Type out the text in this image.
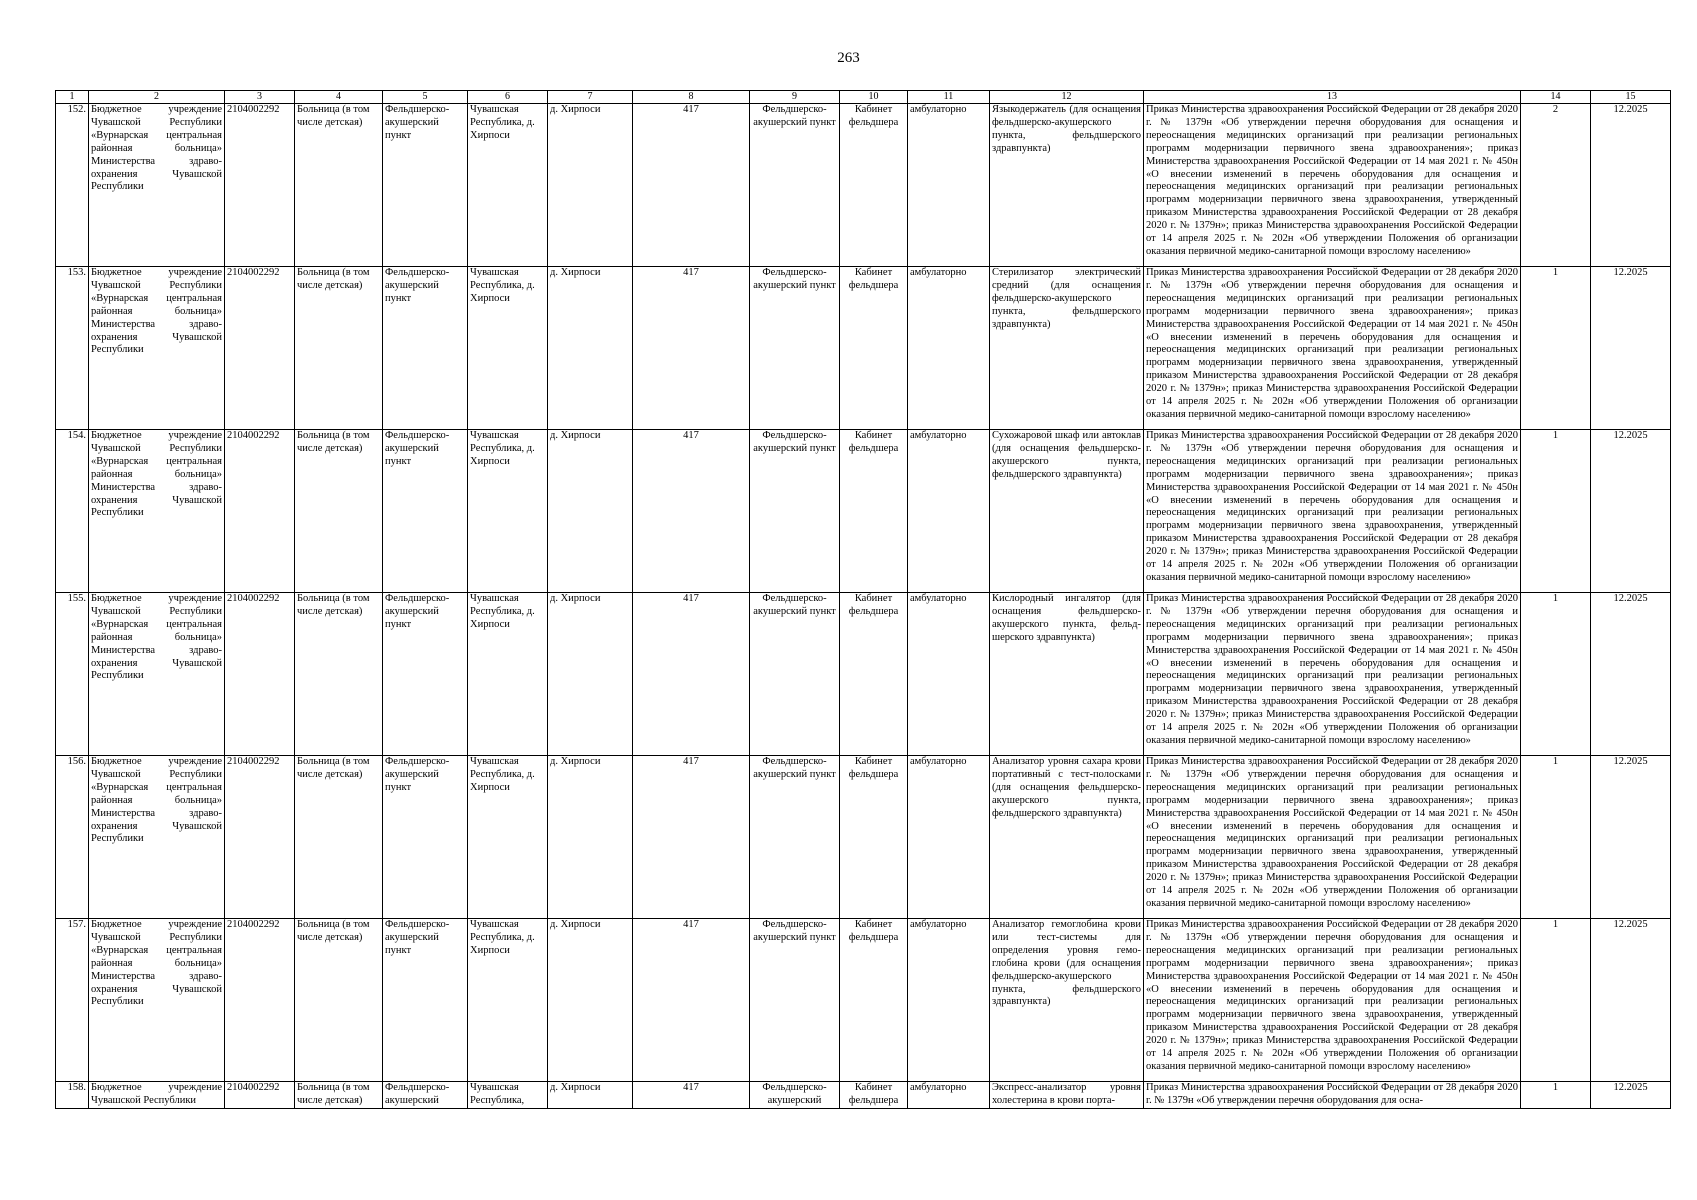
263
1	2	3	4	5	6	7	8	9	10	11	12	13	14	15
152.	Бюджетное учреждение Чувашской Республики «Вурнарская центральная районная больница» Министерства здравоохранения Чувашской Республики	2104002292	Больница (в том числе детская)	Фельдшерско-акушерский пункт	Чувашская Республика, д. Хирпоси	д. Хирпоси	417	Фельдшерско-акушерский пункт	Кабинет фельдшера	амбулаторно	Языкодержатель (для оснащения фельдшерско-акушерского пункта, фельдшерского здравпункта)	Приказ Министерства здравоохранения Российской Федерации от 28 декабря 2020 г. № 1379н «Об утверждении перечня оборудования для оснащения и переоснащения медицинских организаций при реализации региональных программ модернизации первичного звена здравоохранения»; приказ Министерства здравоохранения Российской Федерации от 14 мая 2021 г. № 450н «О внесении изменений в перечень оборудования для оснащения и переоснащения медицинских организаций при реализации региональных программ модернизации первичного звена здравоохранения, утвержденный приказом Министерства здравоохранения Российской Федерации от 28 декабря 2020 г. № 1379н»; приказ Министерства здравоохранения Российской Федерации от 14 апреля 2025 г. № 202н «Об утверждении Положения об организации оказания первичной медико-санитарной помощи взрослому населению»	2	12.2025
153.	Бюджетное учреждение Чувашской Республики «Вурнарская центральная районная больница» Министерства здравоохранения Чувашской Республики	2104002292	Больница (в том числе детская)	Фельдшерско-акушерский пункт	Чувашская Республика, д. Хирпоси	д. Хирпоси	417	Фельдшерско-акушерский пункт	Кабинет фельдшера	амбулаторно	Стерилизатор электрический средний (для оснащения фельдшерско-акушерского пункта, фельдшерского здравпункта)	Приказ Министерства здравоохранения Российской Федерации от 28 декабря 2020 г. № 1379н «Об утверждении перечня оборудования для оснащения и переоснащения медицинских организаций при реализации региональных программ модернизации первичного звена здравоохранения»; приказ Министерства здравоохранения Российской Федерации от 14 мая 2021 г. № 450н «О внесении изменений в перечень оборудования для оснащения и переоснащения медицинских организаций при реализации региональных программ модернизации первичного звена здравоохранения, утвержденный приказом Министерства здравоохранения Российской Федерации от 28 декабря 2020 г. № 1379н»; приказ Министерства здравоохранения Российской Федерации от 14 апреля 2025 г. № 202н «Об утверждении Положения об организации оказания первичной медико-санитарной помощи взрослому населению»	1	12.2025
154.	Бюджетное учреждение Чувашской Республики «Вурнарская центральная районная больница» Министерства здравоохранения Чувашской Республики	2104002292	Больница (в том числе детская)	Фельдшерско-акушерский пункт	Чувашская Республика, д. Хирпоси	д. Хирпоси	417	Фельдшерско-акушерский пункт	Кабинет фельдшера	амбулаторно	Сухожаровой шкаф или автоклав (для оснащения фельдшерско-акушерского пункта, фельдшерского здравпункта)	Приказ Министерства здравоохранения Российской Федерации от 28 декабря 2020 г. № 1379н «Об утверждении перечня оборудования для оснащения и переоснащения медицинских организаций при реализации региональных программ модернизации первичного звена здравоохранения»; приказ Министерства здравоохранения Российской Федерации от 14 мая 2021 г. № 450н «О внесении изменений в перечень оборудования для оснащения и переоснащения медицинских организаций при реализации региональных программ модернизации первичного звена здравоохранения, утвержденный приказом Министерства здравоохранения Российской Федерации от 28 декабря 2020 г. № 1379н»; приказ Министерства здравоохранения Российской Федерации от 14 апреля 2025 г. № 202н «Об утверждении Положения об организации оказания первичной медико-санитарной помощи взрослому населению»	1	12.2025
155.	Бюджетное учреждение Чувашской Республики «Вурнарская центральная районная больница» Министерства здравоохранения Чувашской Республики	2104002292	Больница (в том числе детская)	Фельдшерско-акушерский пункт	Чувашская Республика, д. Хирпоси	д. Хирпоси	417	Фельдшерско-акушерский пункт	Кабинет фельдшера	амбулаторно	Кислородный ингалятор (для оснащения фельдшерско-акушерского пункта, фельдшерского здравпункта)	Приказ Министерства здравоохранения Российской Федерации от 28 декабря 2020 г. № 1379н «Об утверждении перечня оборудования для оснащения и переоснащения медицинских организаций при реализации региональных программ модернизации первичного звена здравоохранения»; приказ Министерства здравоохранения Российской Федерации от 14 мая 2021 г. № 450н «О внесении изменений в перечень оборудования для оснащения и переоснащения медицинских организаций при реализации региональных программ модернизации первичного звена здравоохранения, утвержденный приказом Министерства здравоохранения Российской Федерации от 28 декабря 2020 г. № 1379н»; приказ Министерства здравоохранения Российской Федерации от 14 апреля 2025 г. № 202н «Об утверждении Положения об организации оказания первичной медико-санитарной помощи взрослому населению»	1	12.2025
156.	Бюджетное учреждение Чувашской Республики «Вурнарская центральная районная больница» Министерства здравоохранения Чувашской Республики	2104002292	Больница (в том числе детская)	Фельдшерско-акушерский пункт	Чувашская Республика, д. Хирпоси	д. Хирпоси	417	Фельдшерско-акушерский пункт	Кабинет фельдшера	амбулаторно	Анализатор уровня сахара крови портативный с тест-полосками (для оснащения фельдшерско-акушерского пункта, фельдшерского здравпункта)	Приказ Министерства здравоохранения Российской Федерации от 28 декабря 2020 г. № 1379н «Об утверждении перечня оборудования для оснащения и переоснащения медицинских организаций при реализации региональных программ модернизации первичного звена здравоохранения»; приказ Министерства здравоохранения Российской Федерации от 14 мая 2021 г. № 450н «О внесении изменений в перечень оборудования для оснащения и переоснащения медицинских организаций при реализации региональных программ модернизации первичного звена здравоохранения, утвержденный приказом Министерства здравоохранения Российской Федерации от 28 декабря 2020 г. № 1379н»; приказ Министерства здравоохранения Российской Федерации от 14 апреля 2025 г. № 202н «Об утверждении Положения об организации оказания первичной медико-санитарной помощи взрослому населению»	1	12.2025
157.	Бюджетное учреждение Чувашской Республики «Вурнарская центральная районная больница» Министерства здравоохранения Чувашской Республики	2104002292	Больница (в том числе детская)	Фельдшерско-акушерский пункт	Чувашская Республика, д. Хирпоси	д. Хирпоси	417	Фельдшерско-акушерский пункт	Кабинет фельдшера	амбулаторно	Анализатор гемоглобина крови или тест-системы для определения уровня гемоглобина крови (для оснащения фельдшерско-акушерского пункта, фельдшерского здравпункта)	Приказ Министерства здравоохранения Российской Федерации от 28 декабря 2020 г. № 1379н «Об утверждении перечня оборудования для оснащения и переоснащения медицинских организаций при реализации региональных программ модернизации первичного звена здравоохранения»; приказ Министерства здравоохранения Российской Федерации от 14 мая 2021 г. № 450н «О внесении изменений в перечень оборудования для оснащения и переоснащения медицинских организаций при реализации региональных программ модернизации первичного звена здравоохранения, утвержденный приказом Министерства здравоохранения Российской Федерации от 28 декабря 2020 г. № 1379н»; приказ Министерства здравоохранения Российской Федерации от 14 апреля 2025 г. № 202н «Об утверждении Положения об организации оказания первичной медико-санитарной помощи взрослому населению»	1	12.2025
158.	Бюджетное учреждение Чувашской Республики	2104002292	Больница (в том числе детская)	Фельдшерско-акушерский	Чувашская Республика,	д. Хирпоси	417	Фельдшерско-акушерский	Кабинет фельдшера	амбулаторно	Экспресс-анализатор уровня холестерина в крови порта-	Приказ Министерства здравоохранения Российской Федерации от 28 декабря 2020 г. № 1379н «Об утверждении перечня оборудования для осна-	1	12.2025
